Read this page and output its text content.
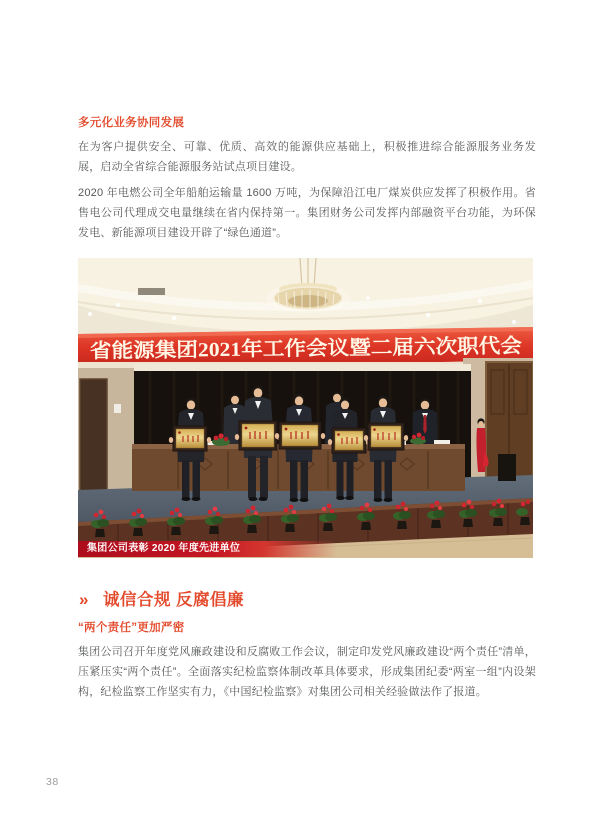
多元化业务协同发展

在为客户提供安全、可靠、优质、高效的能源供应基础上，积极推进综合能源服务业务发展，启动全省综合能源服务站试点项目建设。

2020 年电燃公司全年船舶运输量 1600 万吨，为保障沿江电厂煤炭供应发挥了积极作用。省售电公司代理成交电量继续在省内保持第一。集团财务公司发挥内部融资平台功能，为环保发电、新能源项目建设开辟了“绿色通道”。

省能源集团2021年工作会议暨二届六次职代会
集团公司表彰 2020 年度先进单位
» 诚信合规 反腐倡廉
“两个责任”更加严密

集团公司召开年度党风廉政建设和反腐败工作会议，制定印发党风廉政建设“两个责任”清单，压紧压实“两个责任”。全面落实纪检监察体制改革具体要求，形成集团纪委“两室一组”内设架构，纪检监察工作坚实有力，《中国纪检监察》对集团公司相关经验做法作了报道。

38
